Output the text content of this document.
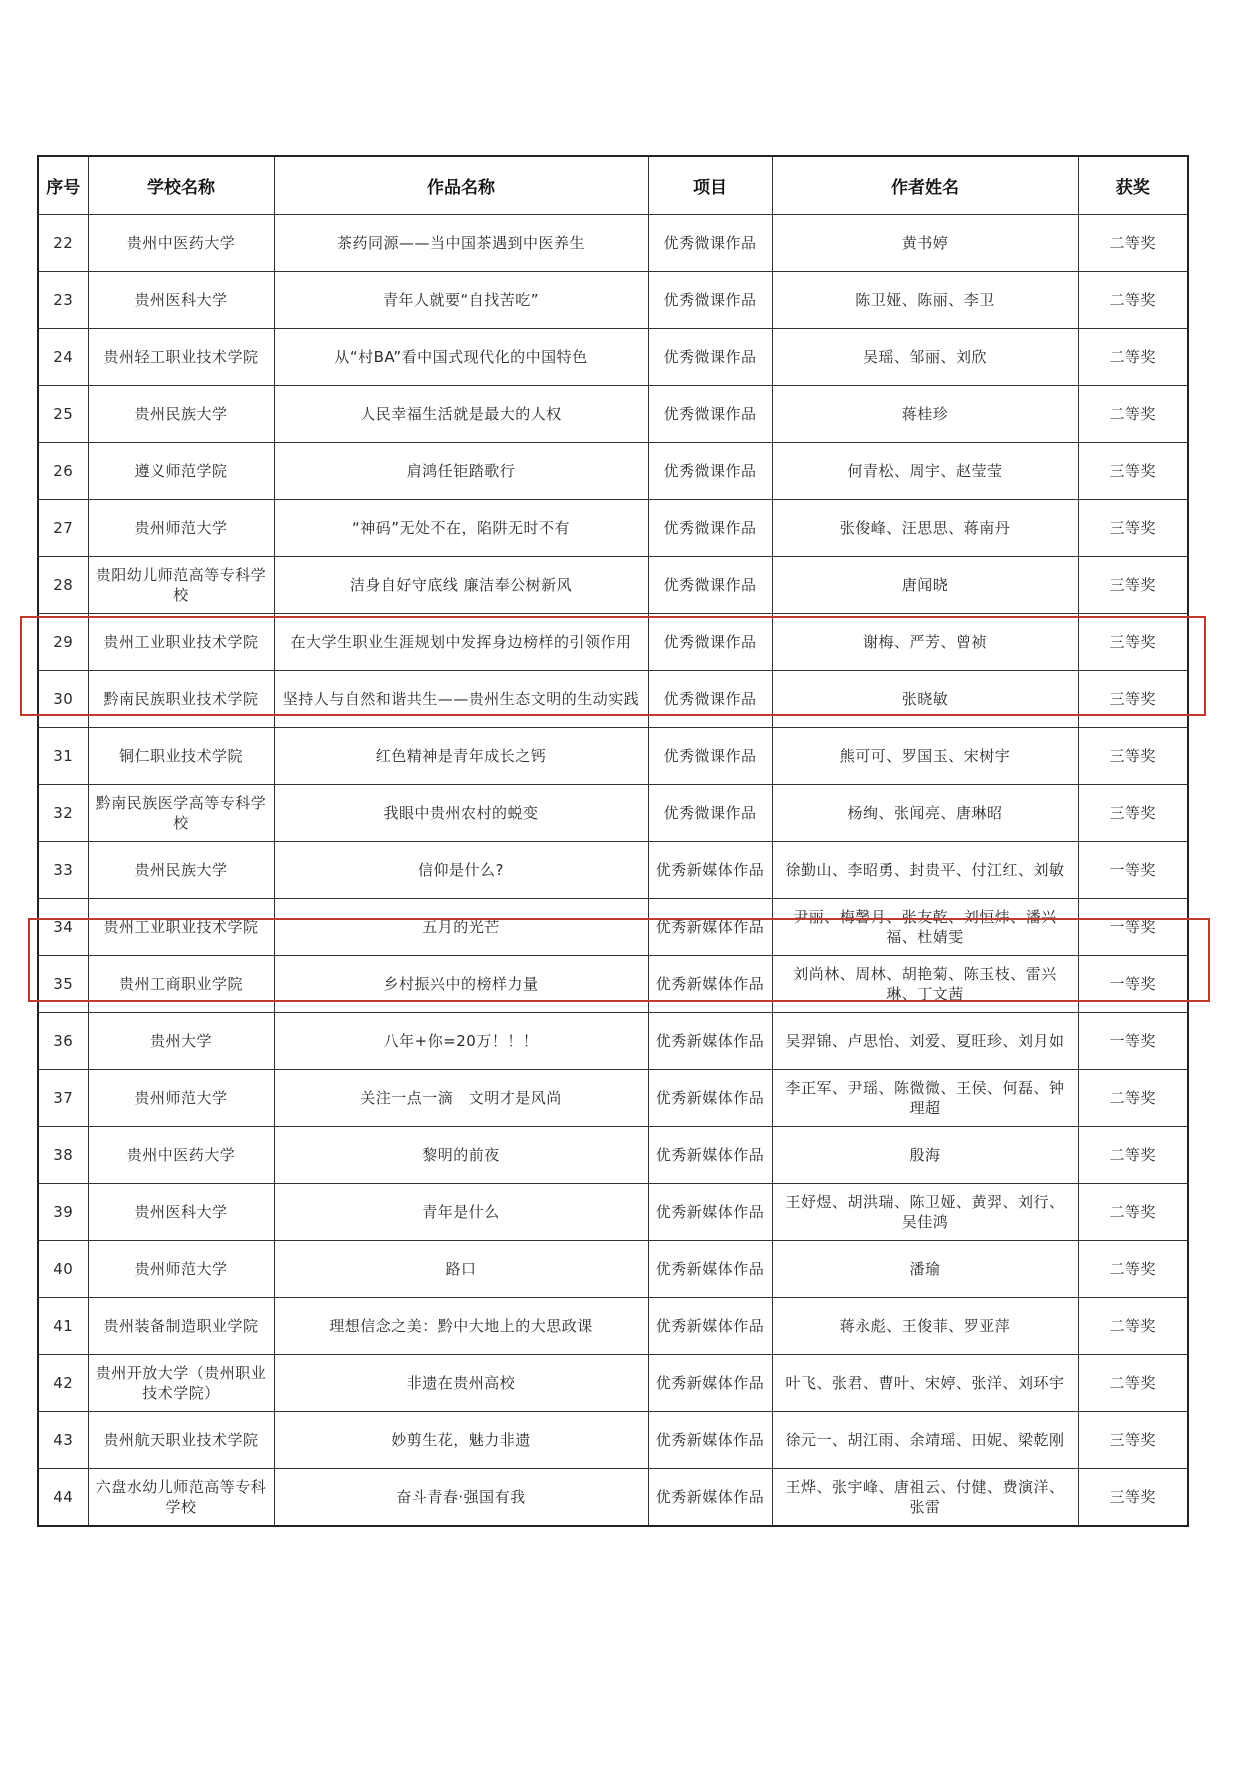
序号	学校名称	作品名称	项目	作者姓名	获奖
22	贵州中医药大学	茶药同源——当中国茶遇到中医养生	优秀微课作品	黄书婷	二等奖
23	贵州医科大学	青年人就要“自找苦吃”	优秀微课作品	陈卫娅、陈丽、李卫	二等奖
24	贵州轻工职业技术学院	从“村BA”看中国式现代化的中国特色	优秀微课作品	吴瑶、邹丽、刘欣	二等奖
25	贵州民族大学	人民幸福生活就是最大的人权	优秀微课作品	蒋桂珍	二等奖
26	遵义师范学院	肩鸿任钜踏歌行	优秀微课作品	何青松、周宇、赵莹莹	三等奖
27	贵州师范大学	“神码”无处不在，陷阱无时不有	优秀微课作品	张俊峰、汪思思、蒋南丹	三等奖
28	贵阳幼儿师范高等专科学校	洁身自好守底线 廉洁奉公树新风	优秀微课作品	唐闻晓	三等奖
29	贵州工业职业技术学院	在大学生职业生涯规划中发挥身边榜样的引领作用	优秀微课作品	谢梅、严芳、曾祯	三等奖
30	黔南民族职业技术学院	坚持人与自然和谐共生——贵州生态文明的生动实践	优秀微课作品	张晓敏	三等奖
31	铜仁职业技术学院	红色精神是青年成长之钙	优秀微课作品	熊可可、罗国玉、宋树宇	三等奖
32	黔南民族医学高等专科学校	我眼中贵州农村的蜕变	优秀微课作品	杨绚、张闻亮、唐琳昭	三等奖
33	贵州民族大学	信仰是什么?	优秀新媒体作品	徐勤山、李昭勇、封贵平、付江红、刘敏	一等奖
34	贵州工业职业技术学院	五月的光芒	优秀新媒体作品	尹丽、梅馨月、张友乾、刘恒炜、潘兴福、杜婧雯	一等奖
35	贵州工商职业学院	乡村振兴中的榜样力量	优秀新媒体作品	刘尚林、周林、胡艳菊、陈玉枝、雷兴琳、丁文茜	一等奖
36	贵州大学	八年+你=20万！！！	优秀新媒体作品	吴羿锦、卢思怡、刘爱、夏旺珍、刘月如	一等奖
37	贵州师范大学	关注一点一滴　文明才是风尚	优秀新媒体作品	李正军、尹瑶、陈微微、王侯、何磊、钟理超	二等奖
38	贵州中医药大学	黎明的前夜	优秀新媒体作品	殷海	二等奖
39	贵州医科大学	青年是什么	优秀新媒体作品	王妤煜、胡洪瑞、陈卫娅、黄羿、刘行、吴佳鸿	二等奖
40	贵州师范大学	路口	优秀新媒体作品	潘瑜	二等奖
41	贵州装备制造职业学院	理想信念之美：黔中大地上的大思政课	优秀新媒体作品	蒋永彪、王俊菲、罗亚萍	二等奖
42	贵州开放大学（贵州职业技术学院）	非遗在贵州高校	优秀新媒体作品	叶飞、张君、曹叶、宋婷、张洋、刘环宇	二等奖
43	贵州航天职业技术学院	妙剪生花，魅力非遗	优秀新媒体作品	徐元一、胡江雨、余靖瑶、田妮、梁乾刚	三等奖
44	六盘水幼儿师范高等专科学校	奋斗青春·强国有我	优秀新媒体作品	王烨、张宇峰、唐祖云、付健、费演洋、张雷	三等奖
